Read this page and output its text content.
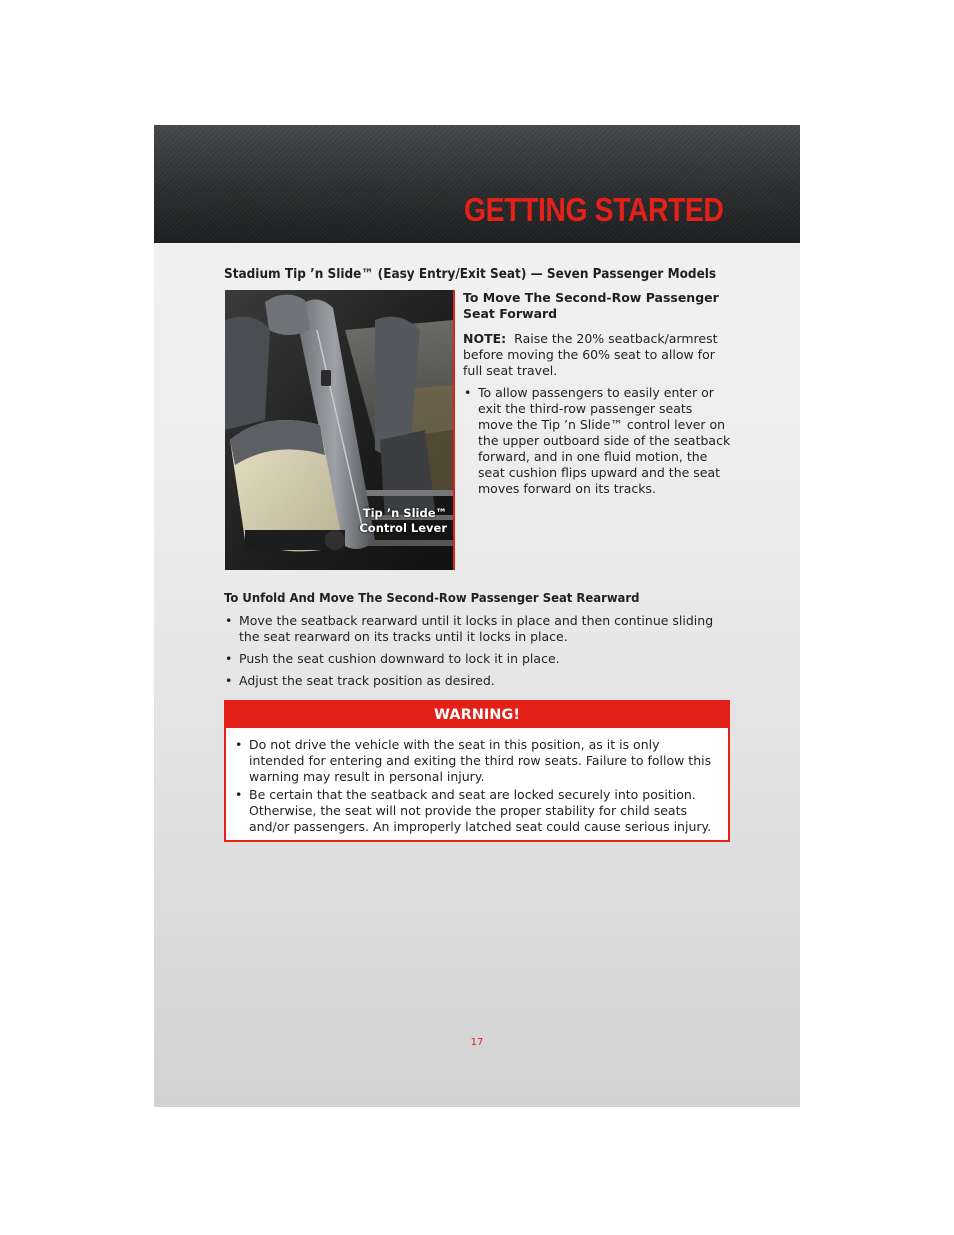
GETTING STARTED
Stadium Tip ’n Slide™ (Easy Entry/Exit Seat) — Seven Passenger Models
Tip ’n Slide™
Control Lever
To Move The Second-Row Passenger Seat Forward

NOTE: Raise the 20% seatback/armrest before moving the 60% seat to allow for full seat travel.

• To allow passengers to easily enter or exit the third-row passenger seats move the Tip ’n Slide™ control lever on the upper outboard side of the seatback forward, and in one fluid motion, the seat cushion flips upward and the seat moves forward on its tracks.
To Unfold And Move The Second-Row Passenger Seat Rearward
• Move the seatback rearward until it locks in place and then continue sliding the seat rearward on its tracks until it locks in place.
• Push the seat cushion downward to lock it in place.
• Adjust the seat track position as desired.
WARNING!
• Do not drive the vehicle with the seat in this position, as it is only intended for entering and exiting the third row seats. Failure to follow this warning may result in personal injury.
• Be certain that the seatback and seat are locked securely into position. Otherwise, the seat will not provide the proper stability for child seats and/or passengers. An improperly latched seat could cause serious injury.
17
